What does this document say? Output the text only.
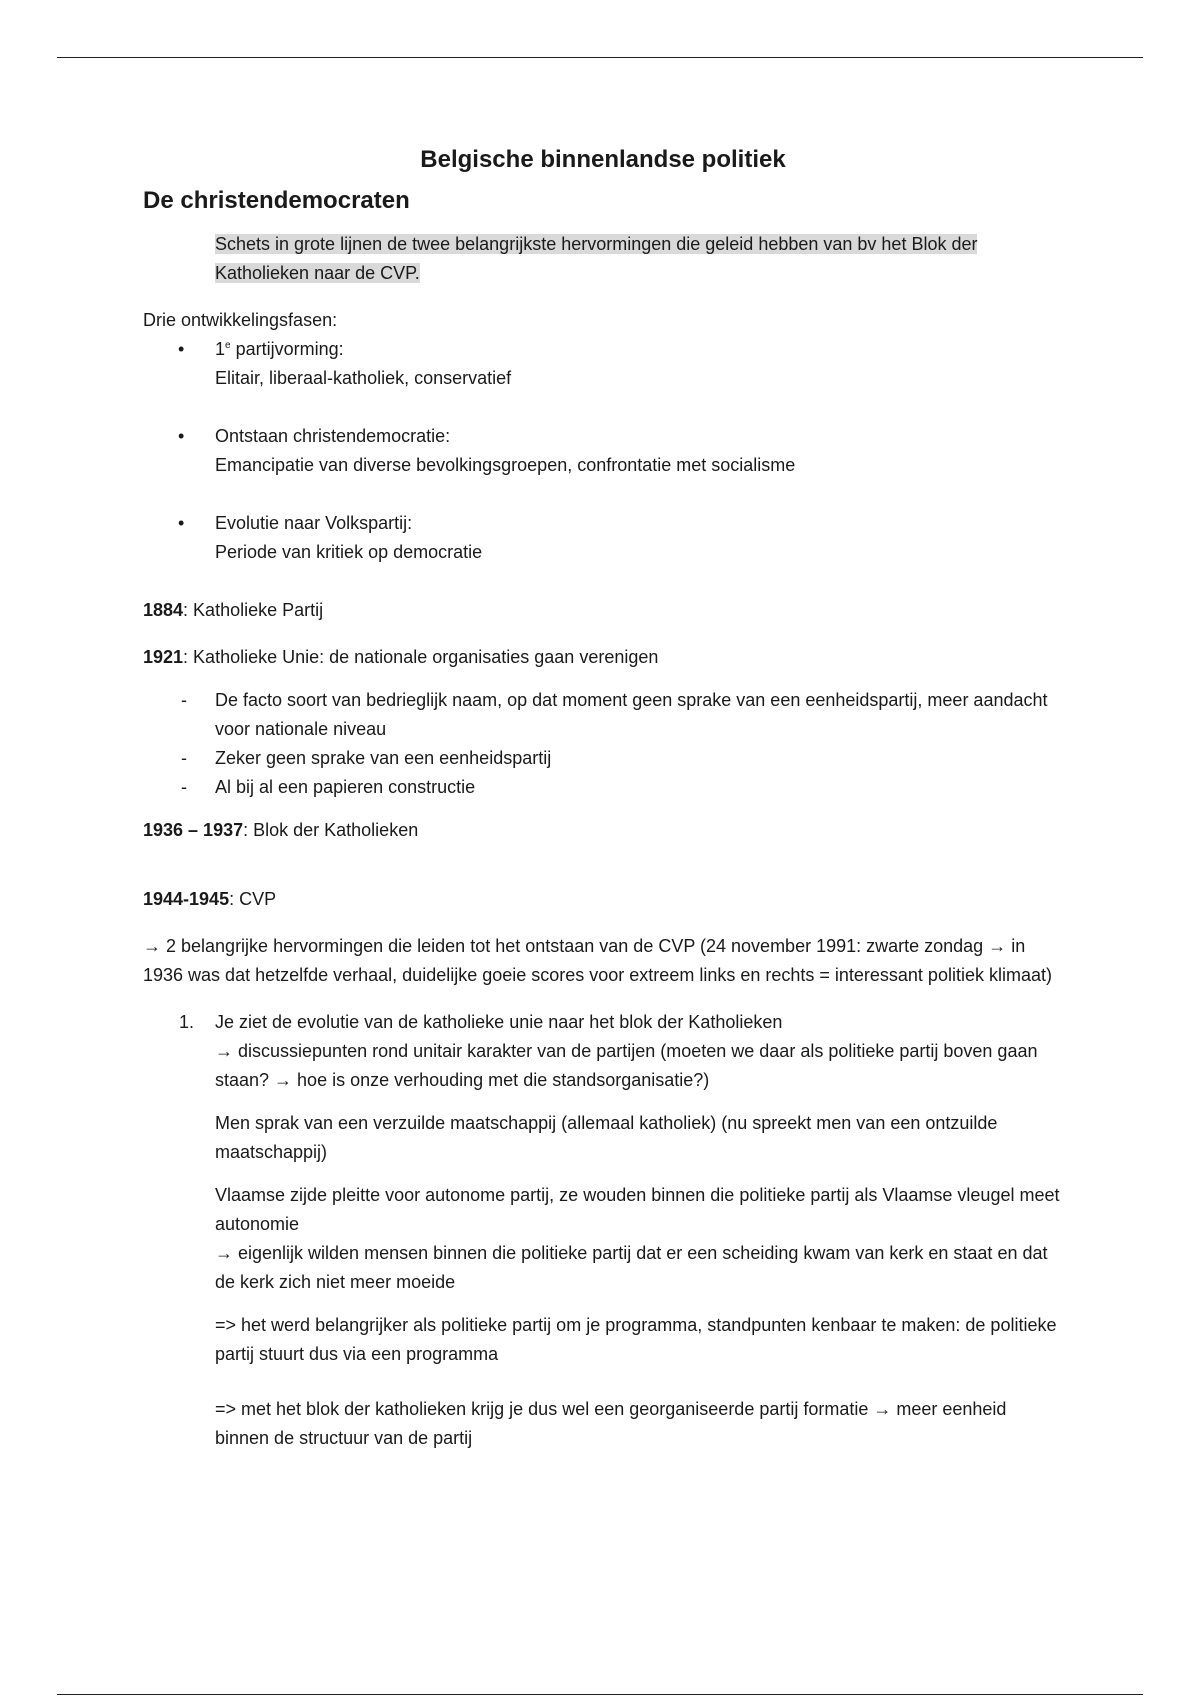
Belgische binnenlandse politiek
De christendemocraten
Schets in grote lijnen de twee belangrijkste hervormingen die geleid hebben van bv het Blok der Katholieken naar de CVP.

Drie ontwikkelingsfasen:

• 1e partijvorming:
Elitair, liberaal-katholiek, conservatief
• Ontstaan christendemocratie:
Emancipatie van diverse bevolkingsgroepen, confrontatie met socialisme
• Evolutie naar Volkspartij:
Periode van kritiek op democratie

1884: Katholieke Partij

1921: Katholieke Unie: de nationale organisaties gaan verenigen

- De facto soort van bedrieglijk naam, op dat moment geen sprake van een eenheidspartij, meer aandacht voor nationale niveau
- Zeker geen sprake van een eenheidspartij
- Al bij al een papieren constructie

1936 – 1937: Blok der Katholieken

1944-1945: CVP

→ 2 belangrijke hervormingen die leiden tot het ontstaan van de CVP (24 november 1991: zwarte zondag → in 1936 was dat hetzelfde verhaal, duidelijke goeie scores voor extreem links en rechts = interessant politiek klimaat)

1. Je ziet de evolutie van de katholieke unie naar het blok der Katholieken
→ discussiepunten rond unitair karakter van de partijen (moeten we daar als politieke partij boven gaan staan? → hoe is onze verhouding met die standsorganisatie?)
Men sprak van een verzuilde maatschappij (allemaal katholiek) (nu spreekt men van een ontzuilde maatschappij)
Vlaamse zijde pleitte voor autonome partij, ze wouden binnen die politieke partij als Vlaamse vleugel meet autonomie
→ eigenlijk wilden mensen binnen die politieke partij dat er een scheiding kwam van kerk en staat en dat de kerk zich niet meer moeide
=> het werd belangrijker als politieke partij om je programma, standpunten kenbaar te maken: de politieke partij stuurt dus via een programma
=> met het blok der katholieken krijg je dus wel een georganiseerde partij formatie → meer eenheid binnen de structuur van de partij
